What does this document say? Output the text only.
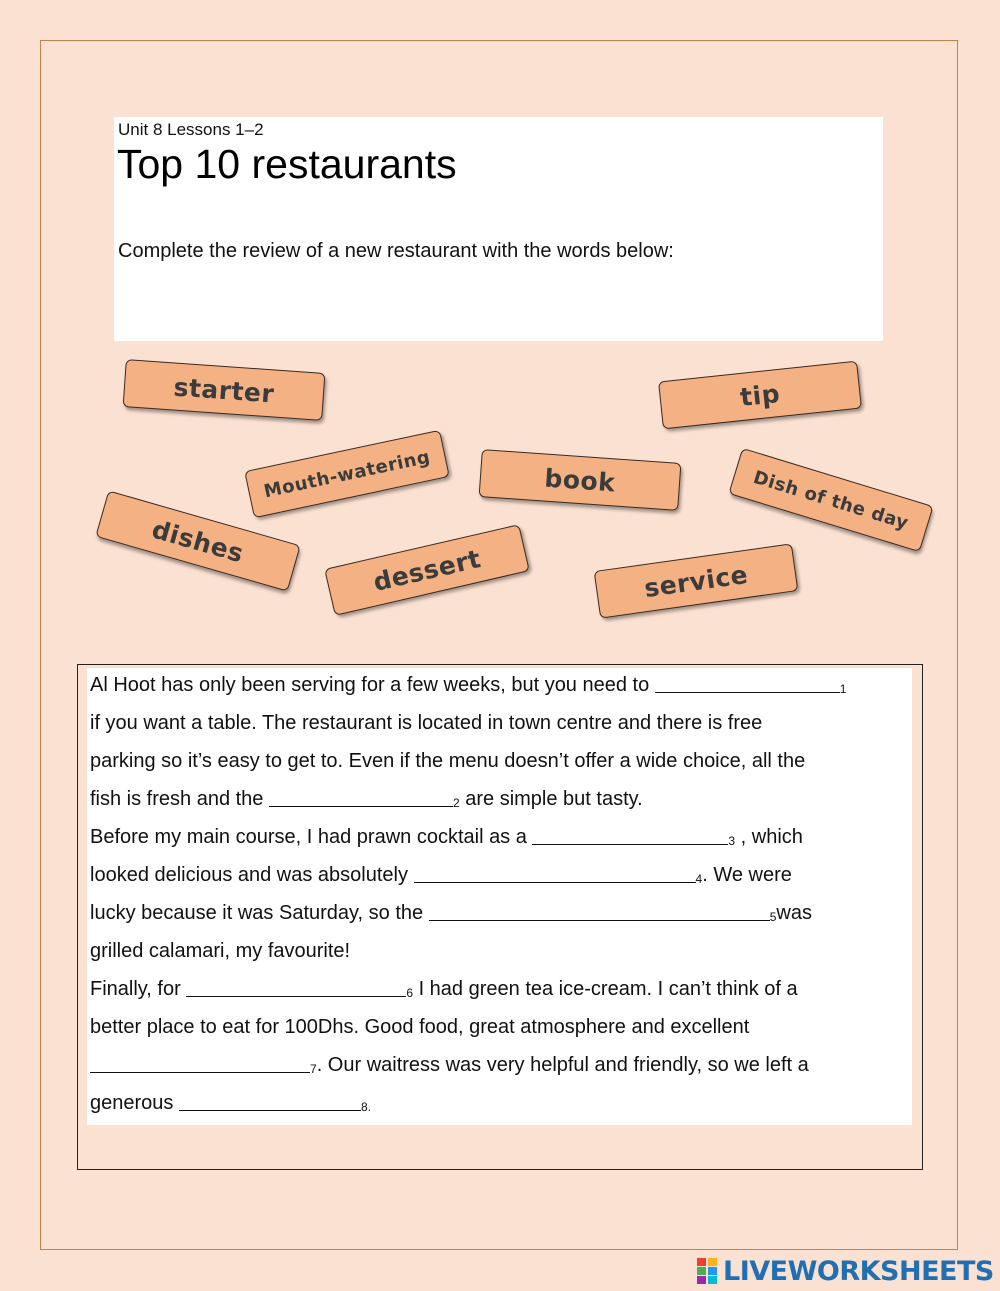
Unit 8 Lessons 1–2
Top 10 restaurants
Complete the review of a new restaurant with the words below:
starter	tip
Mouth-watering	book	Dish of the day
dishes
dessert	service
Al Hoot has only been serving for a few weeks, but you need to	1
if you want a table. The restaurant is located in town centre and there is free
parking so it’s easy to get to. Even if the menu doesn’t offer a wide choice, all the
fish is fresh and the	2 are simple but tasty.
Before my main course, I had prawn cocktail as a	3 , which
looked delicious and was absolutely	4. We were
lucky because it was Saturday, so the	5was
grilled calamari, my favourite!
Finally, for	6 I had green tea ice-cream. I can’t think of a
better place to eat for 100Dhs. Good food, great atmosphere and excellent
7. Our waitress was very helpful and friendly, so we left a
generous	8.
LIVEWORKSHEETS
